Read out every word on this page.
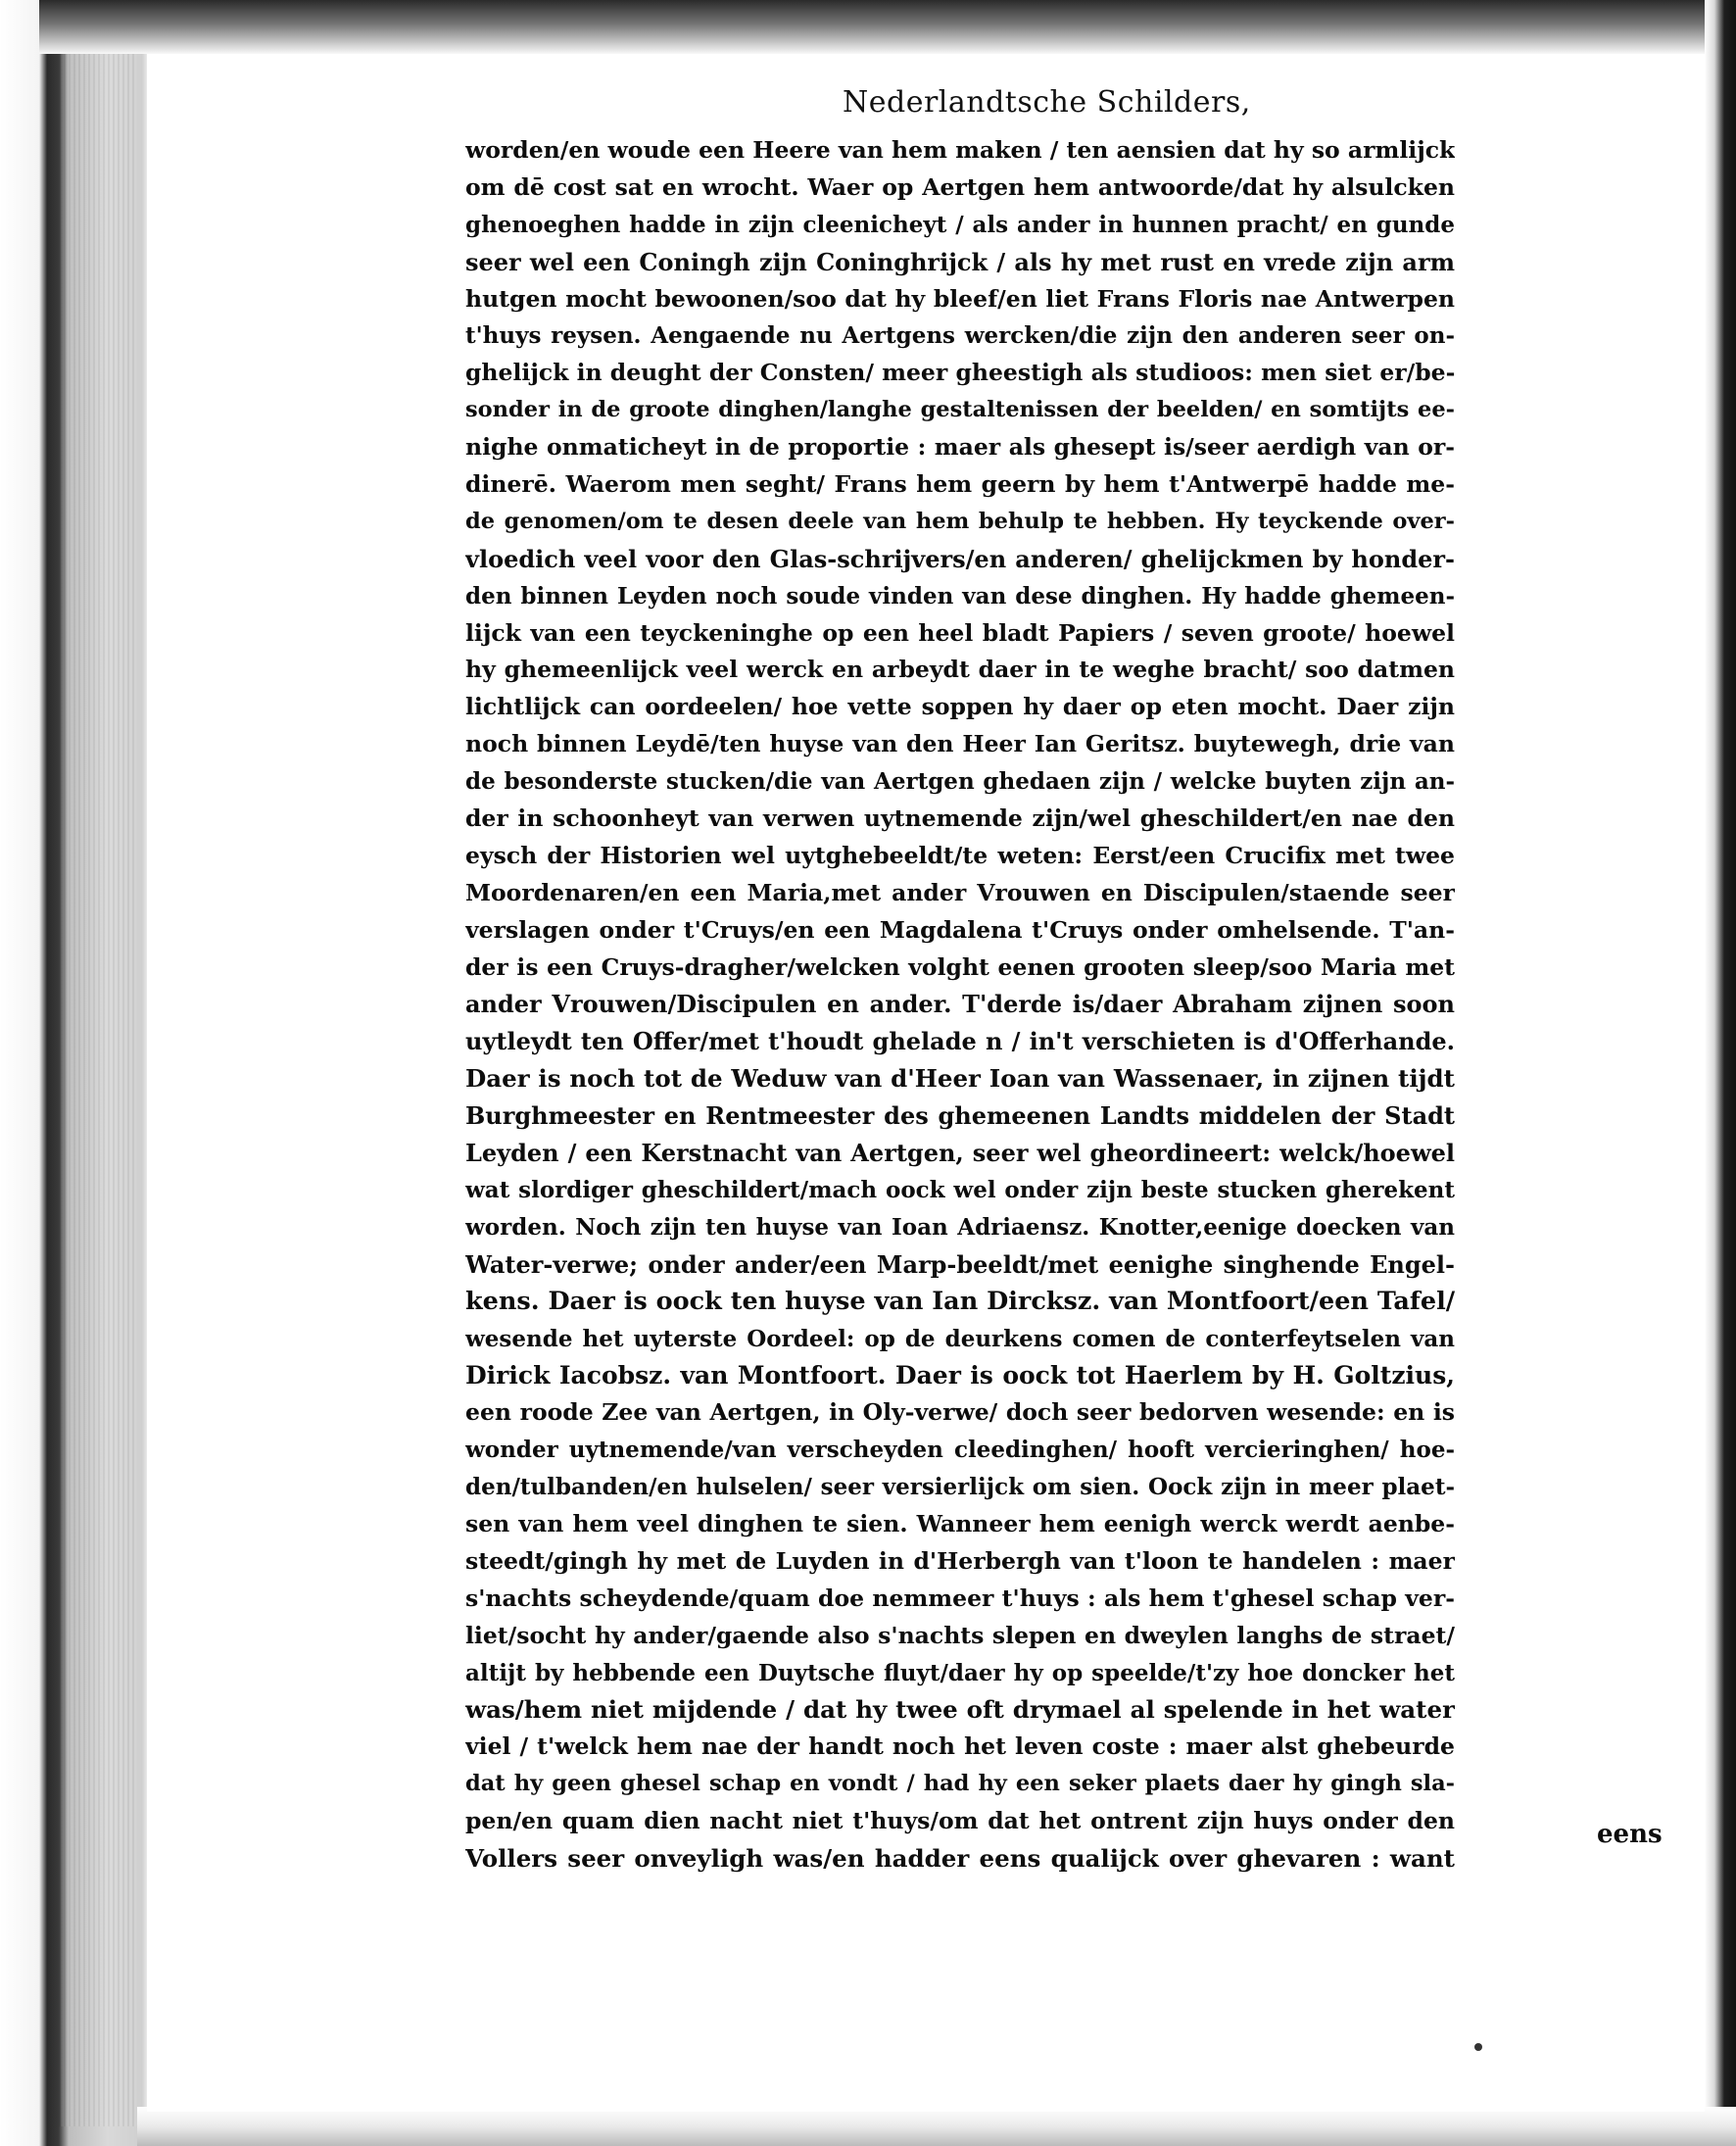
Nederlandtsche Schilders,
worden/en woude een Heere van hem maken / ten aensien dat hy so armlijck
om dē cost sat en wrocht. Waer op Aertgen hem antwoorde/dat hy alsulcken
ghenoeghen hadde in zijn cleenicheyt / als ander in hunnen pracht/ en gunde
seer wel een Coningh zijn Coninghrijck / als hy met rust en vrede zijn arm
hutgen mocht bewoonen/soo dat hy bleef/en liet Frans Floris nae Antwerpen
t'huys reysen. Aengaende nu Aertgens wercken/die zijn den anderen seer on-
ghelijck in deught der Consten/ meer gheestigh als studioos: men siet er/be-
sonder in de groote dinghen/langhe gestaltenissen der beelden/ en somtijts ee-
nighe onmaticheyt in de proportie : maer als ghesept is/seer aerdigh van or-
dinerē. Waerom men seght/ Frans hem geern by hem t'Antwerpē hadde me-
de genomen/om te desen deele van hem behulp te hebben. Hy teyckende over-
vloedich veel voor den Glas-schrijvers/en anderen/ ghelijckmen by honder-
den binnen Leyden noch soude vinden van dese dinghen. Hy hadde ghemeen-
lijck van een teyckeninghe op een heel bladt Papiers / seven groote/ hoewel
hy ghemeenlijck veel werck en arbeydt daer in te weghe bracht/ soo datmen
lichtlijck can oordeelen/ hoe vette soppen hy daer op eten mocht. Daer zijn
noch binnen Leydē/ten huyse van den Heer Ian Geritsz. buytewegh, drie van
de besonderste stucken/die van Aertgen ghedaen zijn / welcke buyten zijn an-
der in schoonheyt van verwen uytnemende zijn/wel gheschildert/en nae den
eysch der Historien wel uytghebeeldt/te weten: Eerst/een Crucifix met twee
Moordenaren/en een Maria,met ander Vrouwen en Discipulen/staende seer
verslagen onder t'Cruys/en een Magdalena t'Cruys onder omhelsende. T'an-
der is een Cruys-dragher/welcken volght eenen grooten sleep/soo Maria met
ander Vrouwen/Discipulen en ander. T'derde is/daer Abraham zijnen soon
uytleydt ten Offer/met t'houdt ghelade n / in't verschieten is d'Offerhande.
Daer is noch tot de Weduw van d'Heer Ioan van Wassenaer, in zijnen tijdt
Burghmeester en Rentmeester des ghemeenen Landts middelen der Stadt
Leyden / een Kerstnacht van Aertgen, seer wel gheordineert: welck/hoewel
wat slordiger gheschildert/mach oock wel onder zijn beste stucken gherekent
worden. Noch zijn ten huyse van Ioan Adriaensz. Knotter,eenige doecken van
Water-verwe; onder ander/een Marp-beeldt/met eenighe singhende Engel-
kens. Daer is oock ten huyse van Ian Dircksz. van Montfoort/een Tafel/
wesende het uyterste Oordeel: op de deurkens comen de conterfeytselen van
Dirick Iacobsz. van Montfoort. Daer is oock tot Haerlem by H. Goltzius,
een roode Zee van Aertgen, in Oly-verwe/ doch seer bedorven wesende: en is
wonder uytnemende/van verscheyden cleedinghen/ hooft vercieringhen/ hoe-
den/tulbanden/en hulselen/ seer versierlijck om sien. Oock zijn in meer plaet-
sen van hem veel dinghen te sien. Wanneer hem eenigh werck werdt aenbe-
steedt/gingh hy met de Luyden in d'Herbergh van t'loon te handelen : maer
s'nachts scheydende/quam doe nemmeer t'huys : als hem t'ghesel schap ver-
liet/socht hy ander/gaende also s'nachts slepen en dweylen langhs de straet/
altijt by hebbende een Duytsche fluyt/daer hy op speelde/t'zy hoe doncker het
was/hem niet mijdende / dat hy twee oft drymael al spelende in het water
viel / t'welck hem nae der handt noch het leven coste : maer alst ghebeurde
dat hy geen ghesel schap en vondt / had hy een seker plaets daer hy gingh sla-
pen/en quam dien nacht niet t'huys/om dat het ontrent zijn huys onder den
Vollers seer onveyligh was/en hadder eens qualijck over ghevaren : want
eens
